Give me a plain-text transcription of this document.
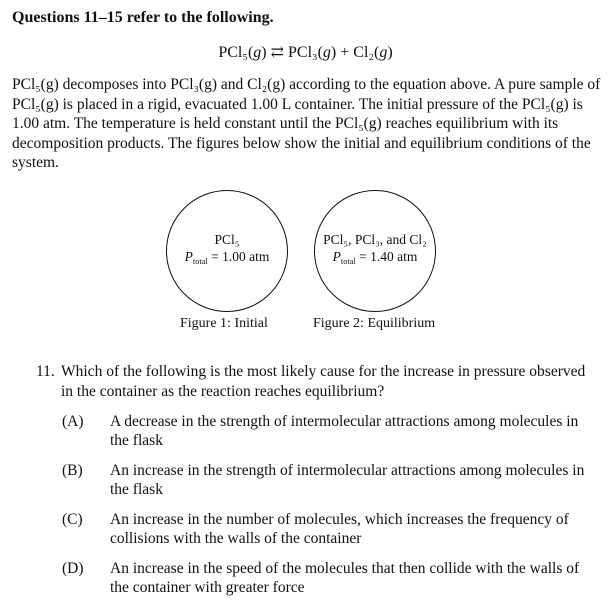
Questions 11–15 refer to the following.
PCl₅(g) ⇄ PCl₃(g) + Cl₂(g)

PCl₅(g) decomposes into PCl₃(g) and Cl₂(g) according to the equation above. A pure sample of PCl₅(g) is placed in a rigid, evacuated 1.00 L container. The initial pressure of the PCl₅(g) is 1.00 atm. The temperature is held constant until the PCl₅(g) reaches equilibrium with its decomposition products. The figures below show the initial and equilibrium conditions of the system.

PCl₅
$P_{total} = 1.00$ atm
PCl₅, PCl₃, and Cl₂
$P_{total} = 1.40$ atm
Figure 1: Initial	Figure 2: Equilibrium
11. Which of the following is the most likely cause for the increase in pressure observed in the container as the reaction reaches equilibrium?
(A) A decrease in the strength of intermolecular attractions among molecules in the flask
(B) An increase in the strength of intermolecular attractions among molecules in the flask
(C) An increase in the number of molecules, which increases the frequency of collisions with the walls of the container
(D) An increase in the speed of the molecules that then collide with the walls of the container with greater force
